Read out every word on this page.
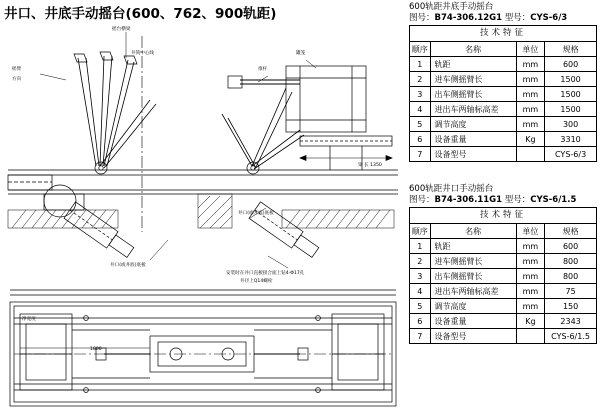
井口、井底手动摇台(600、762、900轨距)
摇台横梁
摇臂
方向
井筒中心线	罐笼
推杆
梁 长 1350
井口(或井底)底板
井口(或井底)底板
安装时在井口直板接合面上钻4-Φ17孔
井径上Q14螺栓
1800
净宽度
600轨距井底手动摇台
图号：B74-306.12G1 型号：CYS-6/3
技术特征			
顺序	名称	单位	规格
1	轨距	mm	600
2	进车侧摇臂长	mm	1500
3	出车侧摇臂长	mm	1500
4	进出车两轴标高差	mm	1500
5	调节高度	mm	300
6	设备重量	Kg	3310
7	设备型号		CYS-6/3
600轨距井口手动摇台
图号：B74-306.11G1 型号：CYS-6/1.5
技术特征			
顺序	名称	单位	规格
1	轨距	mm	600
2	进车侧摇臂长	mm	800
3	出车侧摇臂长	mm	800
4	进出车两轴标高差	mm	75
5	调节高度	mm	150
6	设备重量	Kg	2343
7	设备型号		CYS-6/1.5
